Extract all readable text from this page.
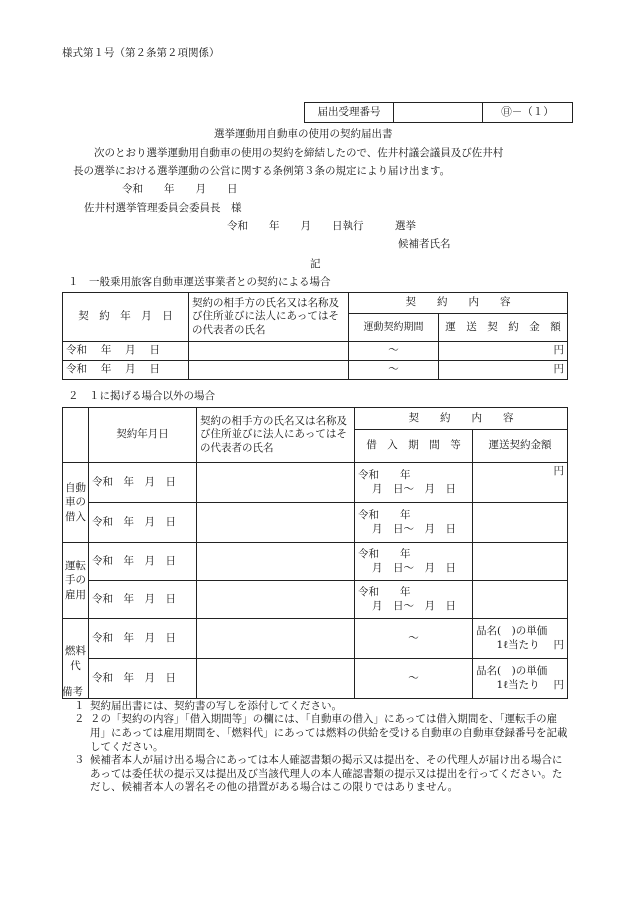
様式第１号（第２条第２項関係）
届出受理番号		㊐－（１）
選挙運動用自動車の使用の契約届出書
次のとおり選挙運動用自動車の使用の契約を締結したので、佐井村議会議員及び佐井村
長の選挙における選挙運動の公営に関する条例第３条の規定により届け出ます。
令和　　年　　月　　日
佐井村選挙管理委員会委員長　様
令和　　年　　月　　日執行　　　選挙
候補者氏名
記
１　一般乗用旅客自動車運送事業者との契約による場合
契　約　年　月　日	契約の相手方の氏名又は名称及び住所並びに法人にあってはその代表者の氏名	契　　約　　内　　容	
		運動契約期間	運　送　契　約　金　額
令和　 年　 月　 日		～	円
令和　 年　 月　 日		～	円
２　１に掲げる場合以外の場合
	契約年月日	契約の相手方の氏名又は名称及び住所並びに法人にあってはその代表者の氏名	契　　約　　内　　容	
			借　入　期　間　等	運送契約金額
自動車の借入	令和　年　月　日		令和　　年
月　日～　月　日	円
	令和　年　月　日		令和　　年
月　日～　月　日	

運転手の雇用	令和　年　月　日		令和　　年
月　日～　月　日	

	令和　年　月　日		令和　　年
月　日～　月　日	

燃料代	令和　年　月　日		～	品名(　)の単価
1ℓ当たり　 円

	令和　年　月　日		～	品名(　)の単価
1ℓ当たり　 円
備考
１ 契約届出書には、契約書の写しを添付してください。
２ ２の「契約の内容」「借入期間等」の欄には、「自動車の借入」にあっては借入期間を、「運転手の雇用」にあっては雇用期間を、「燃料代」にあっては燃料の供給を受ける自動車の自動車登録番号を記載してください。
３ 候補者本人が届け出る場合にあっては本人確認書類の掲示又は提出を、その代理人が届け出る場合にあっては委任状の提示又は提出及び当該代理人の本人確認書類の提示又は提出を行ってください。ただし、候補者本人の署名その他の措置がある場合はこの限りではありません。
